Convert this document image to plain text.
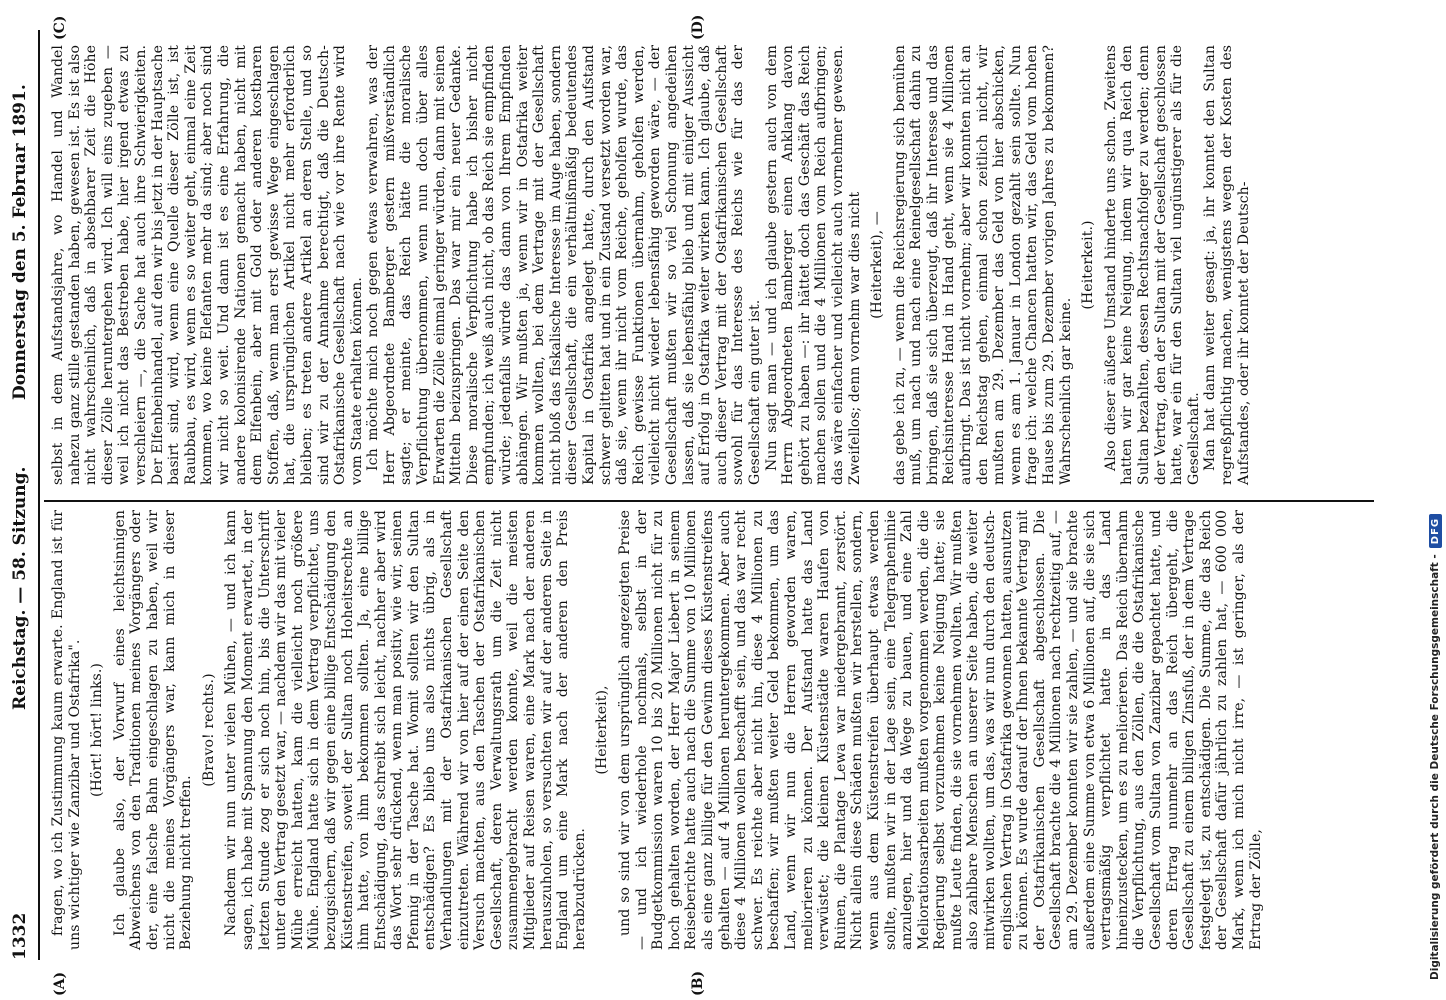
1332
Reichstag. — 58. Sitzung.
Donnerstag den 5. Februar 1891.
(A)	(B)
(C)	(D)

fragen, wo ich Zustimmung kaum erwarte. England ist für uns wichtiger wie Zanzibar und Ostafrika". (Hört! hört! links.) Ich glaube also, der Vorwurf eines leichtsinnigen Abweichens von den Traditionen meines Vorgängers oder der, eine falsche Bahn eingeschlagen zu haben, weil wir nicht die meines Vorgängers war, kann mich in dieser Beziehung nicht treffen.

(Bravo! rechts.) Nachdem wir nun unter vielen Mühen, — und ich kann sagen, ich habe mit Spannung den Moment erwartet, in der letzten Stunde zog er sich noch hin, bis die Unterschrift unter den Vertrag gesetzt war, — nachdem wir das mit vieler Mühe erreicht hatten, kam die vielleicht noch größere Mühe. England hatte sich in dem Vertrag verpflichtet, uns bezugsichern, daß wir gegen eine billige Entschädigung den Küstenstreifen, soweit der Sultan noch Hoheitsrechte an ihm hatte, von ihm bekommen sollten. Ja, eine billige Entschädigung, das schreibt sich leicht, nachher aber wird das Wort sehr drückend, wenn man positiv, wie wir, seinen Pfennig in der Tasche hat. Womit sollten wir den Sultan entschädigen? Es blieb uns also nichts übrig, als in Verhandlungen mit der Ostafrikanischen Gesellschaft einzutreten. Während wir von hier auf der einen Seite den Versuch machten, aus den Taschen der Ostafrikanischen Gesellschaft, deren Verwaltungsrath um die Zeit nicht zusammengebracht werden konnte, weil die meisten Mitglieder auf Reisen waren, eine Mark nach der anderen herauszuholen, so versuchten wir auf der anderen Seite in England um eine Mark nach der anderen den Preis herabzudrücken.

(Heiterkeit), und so sind wir von dem ursprünglich angezeigten Preise — und ich wiederhole nochmals, selbst in der Budgetkommission waren 10 bis 20 Millionen nicht für zu hoch gehalten worden, der Herr Major Liebert in seinem Reiseberichte hatte auch nach die Summe von 10 Millionen als eine ganz billige für den Gewinn dieses Küstenstreifens gehalten — auf 4 Millionen heruntergekommen. Aber auch diese 4 Millionen wollen beschafft sein, und das war recht schwer. Es reichte aber nicht hin, diese 4 Millionen zu beschaffen; wir mußten weiter Geld bekommen, um das Land, wenn wir nun die Herren geworden waren, meliorieren zu können. Der Aufstand hatte das Land verwüstet; die kleinen Küstenstädte waren Haufen von Ruinen, die Plantage Lewa war niedergebrannt, zerstört. Nicht allein diese Schäden mußten wir herstellen, sondern, wenn aus dem Küstenstreifen überhaupt etwas werden sollte, mußten wir in der Lage sein, eine Telegraphenlinie anzulegen, hier und da Wege zu bauen, und eine Zahl Meliorationsarbeiten mußten vorgenommen werden, die die Regierung selbst vorzunehmen keine Neigung hatte; sie mußte Leute finden, die sie vornehmen wollten. Wir mußten also zahlbare Menschen an unserer Seite haben, die weiter mitwirken wollten, um das, was wir nun durch den deutsch-englischen Vertrag in Ostafrika gewonnen hatten, ausnutzen zu können. Es wurde darauf der Ihnen bekannte Vertrag mit der Ostafrikanischen Gesellschaft abgeschlossen. Die Gesellschaft brachte die 4 Millionen nach rechtzeitig auf, — am 29. Dezember konnten wir sie zahlen, — und sie brachte außerdem eine Summe von etwa 6 Millionen auf, die sie sich vertragsmäßig verpflichtet hatte in das Land hineinzustecken, um es zu meliorieren. Das Reich übernahm die Verpflichtung, aus den Zöllen, die die Ostafrikanische Gesellschaft vom Sultan von Zanzibar gepachtet hatte, und deren Ertrag nunmehr an das Reich übergeht, die Gesellschaft zu einem billigen Zinsfuß, der in dem Vertrage festgelegt ist, zu entschädigen. Die Summe, die das Reich der Gesellschaft dafür jährlich zu zahlen hat, — 600 000 Mark, wenn ich mich nicht irre, — ist geringer, als der Ertrag der Zölle,

selbst in dem Aufstandsjahre, wo Handel und Wandel nahezu ganz stille gestanden haben, gewesen ist. Es ist also nicht wahrscheinlich, daß in absehbarer Zeit die Höhe dieser Zölle heruntergehen wird. Ich will eins zugeben — weil ich nicht das Bestreben habe, hier irgend etwas zu verschleiern —, die Sache hat auch ihre Schwierigkeiten. Der Elfenbeinhandel, auf den wir bis jetzt in der Hauptsache basirt sind, wird, wenn eine Quelle dieser Zölle ist, ist Raubbau, es wird, wenn es so weiter geht, einmal eine Zeit kommen, wo keine Elefanten mehr da sind; aber noch sind wir nicht so weit. Und dann ist es eine Erfahrung, die andere kolonisirende Nationen gemacht haben, nicht mit dem Elfenbein, aber mit Gold oder anderen kostbaren Stoffen, daß, wenn man erst gewisse Wege eingeschlagen hat, die ursprünglichen Artikel nicht mehr erforderlich bleiben; es treten andere Artikel an deren Stelle, und so sind wir zu der Annahme berechtigt, daß die Deutsch-Ostafrikanische Gesellschaft nach wie vor ihre Rente wird vom Staate erhalten können. Ich möchte mich noch gegen etwas verwahren, was der Herr Abgeordnete Bamberger gestern mißverständlich sagte; er meinte, das Reich hätte die moralische Verpflichtung übernommen, wenn nun doch über alles Erwarten die Zölle einmal geringer würden, dann mit seinen Mitteln beizuspringen. Das war mir ein neuer Gedanke. Diese moralische Verpflichtung habe ich bisher nicht empfunden; ich weiß auch nicht, ob das Reich sie empfinden würde; jedenfalls würde das dann von Ihrem Empfinden abhängen. Wir mußten ja, wenn wir in Ostafrika weiter kommen wollten, bei dem Vertrage mit der Gesellschaft nicht bloß das fiskalische Interesse im Auge haben, sondern dieser Gesellschaft, die ein verhältnißmäßig bedeutendes Kapital in Ostafrika angelegt hatte, durch den Aufstand schwer gelitten hat und in ein Zustand versetzt worden war, daß sie, wenn ihr nicht vom Reiche, geholfen wurde, das Reich gewisse Funktionen übernahm, geholfen werden, vielleicht nicht wieder lebensfähig geworden wäre, — der Gesellschaft mußten wir so viel Schonung angedeihen lassen, daß sie lebensfähig blieb und mit einiger Aussicht auf Erfolg in Ostafrika weiter wirken kann. Ich glaube, daß auch dieser Vertrag mit der Ostafrikanischen Gesellschaft sowohl für das Interesse des Reichs wie für das der Gesellschaft ein guter ist. Nun sagt man — und ich glaube gestern auch von dem Herrn Abgeordneten Bamberger einen Anklang davon gehört zu haben —: ihr hättet doch das Geschäft das Reich machen sollen und die 4 Millionen vom Reich aufbringen; das wäre einfacher und vielleicht auch vornehmer gewesen. Zweifellos; denn vornehm war dies nicht (Heiterkeit), — das gebe ich zu, — wenn die Reichsregierung sich bemühen muß, um nach und nach eine Reinelgesellschaft dahin zu bringen, daß sie sich überzeugt, daß ihr Interesse und das Reichsinteresse Hand in Hand geht, wenn sie 4 Millionen aufbringt. Das ist nicht vornehm; aber wir konnten nicht an den Reichstag gehen, einmal schon zeitlich nicht, wir mußten am 29. Dezember das Geld von hier abschicken, wenn es am 1. Januar in London gezahlt sein sollte. Nun frage ich: welche Chancen hatten wir, das Geld vom hohen Hause bis zum 29. Dezember vorigen Jahres zu bekommen? Wahrscheinlich gar keine.

(Heiterkeit.) Also dieser äußere Umstand hinderte uns schon. Zweitens hatten wir gar keine Neigung, indem wir qua Reich den Sultan bezahlten, dessen Rechtsnachfolger zu werden; denn der Vertrag, den der Sultan mit der Gesellschaft geschlossen hatte, war ein für den Sultan viel ungünstigerer als für die Gesellschaft. Man hat dann weiter gesagt: ja, ihr konntet den Sultan regreßpflichtig machen, wenigstens wegen der Kosten des Aufstandes, oder ihr konntet der Deutsch-

Digitalisierung gefördert durch die Deutsche Forschungsgemeinschaft -
DFG
